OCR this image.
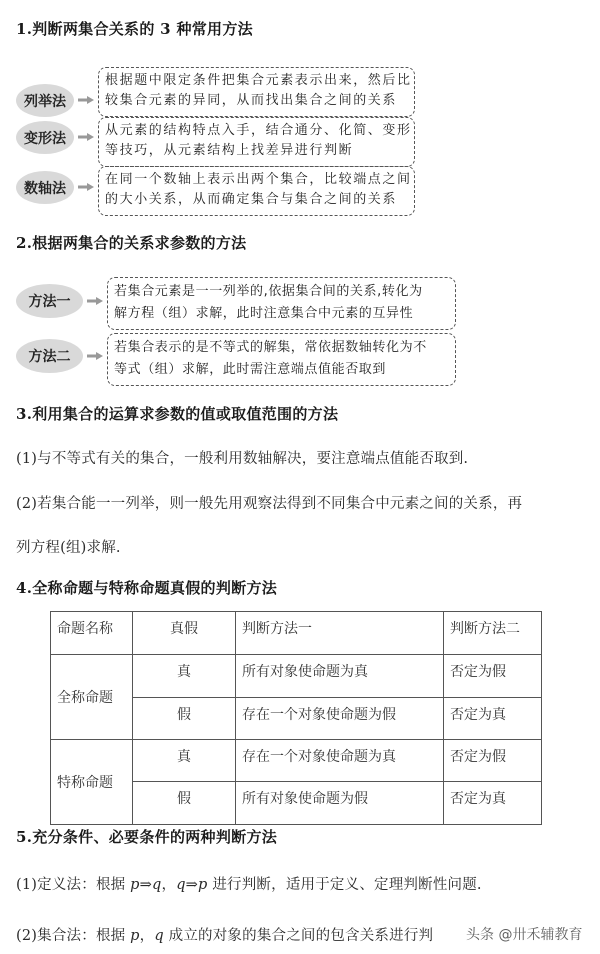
1.判断两集合关系的 3 种常用方法
列举法
根据题中限定条件把集合元素表示出来，然后比
较集合元素的异同，从而找出集合之间的关系
变形法	从元素的结构特点入手，结合通分、化简、变形
等技巧，从元素结构上找差异进行判断
数轴法
在同一个数轴上表示出两个集合，比较端点之间
的大小关系，从而确定集合与集合之间的关系
2.根据两集合的关系求参数的方法
方法一
若集合元素是一一列举的,依据集合间的关系,转化为
解方程（组）求解，此时注意集合中元素的互异性
方法二
若集合表示的是不等式的解集，常依据数轴转化为不
等式（组）求解，此时需注意端点值能否取到
3.利用集合的运算求参数的值或取值范围的方法
(1)与不等式有关的集合，一般利用数轴解决，要注意端点值能否取到.
(2)若集合能一一列举，则一般先用观察法得到不同集合中元素之间的关系，再
列方程(组)求解.
4.全称命题与特称命题真假的判断方法
命题名称	真假	判断方法一	判断方法二
全称命题	真	所有对象使命题为真	否定为假
	假	存在一个对象使命题为假	否定为真
特称命题	真	存在一个对象使命题为真	否定为假
	假	所有对象使命题为假	否定为真
5.充分条件、必要条件的两种判断方法
(1)定义法：根据 p⇒q，q⇒p 进行判断，适用于定义、定理判断性问题.
(2)集合法：根据 p，q 成立的对象的集合之间的包含关系进行判 头条 @卅禾辅教育
